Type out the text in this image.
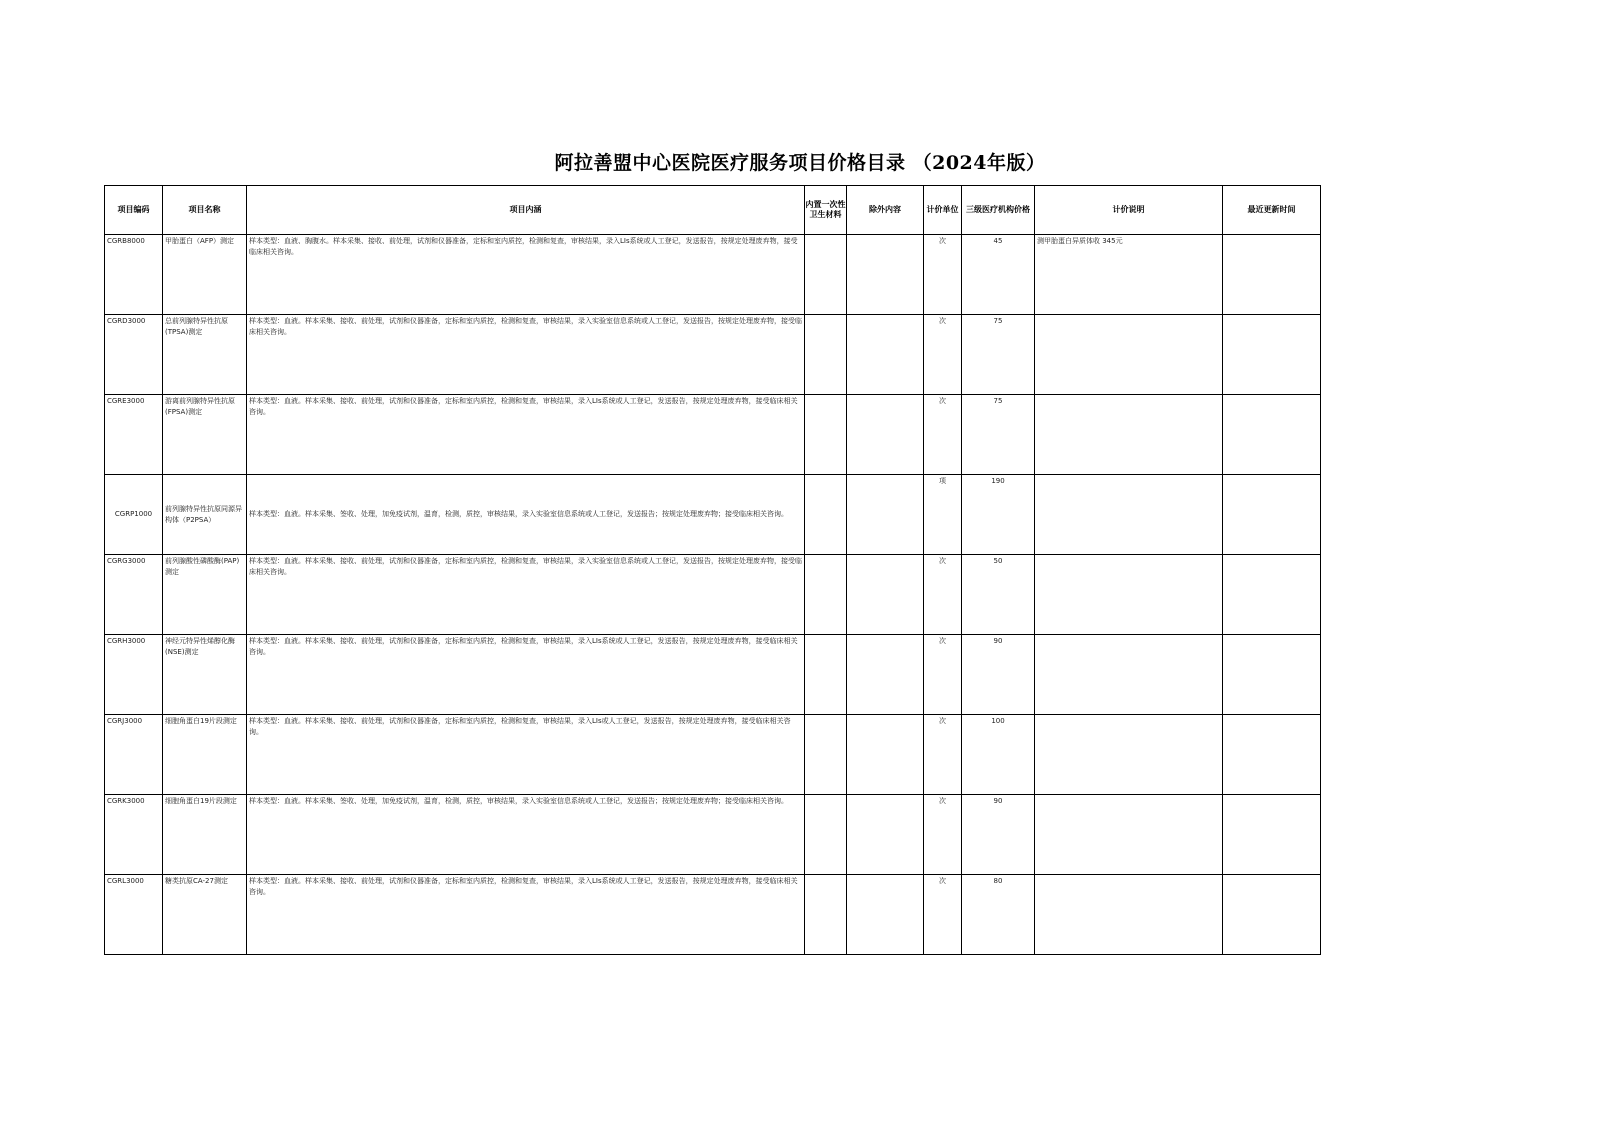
阿拉善盟中心医院医疗服务项目价格目录 （2024年版）
项目编码	项目名称	项目内涵	内置一次性卫生材料	除外内容	计价单位	三级医疗机构价格	计价说明	最近更新时间
CGRB8000	甲胎蛋白（AFP）测定	样本类型：血液、胸腹水。样本采集、接收、前处理，试剂和仪器准备，定标和室内质控，检测和复查，审核结果，录入LIs系统或人工登记，发送报告，按规定处理废弃物，接受临床相关咨询。			次	45	测甲胎蛋白异质体收 345元	
CGRD3000	总前列腺特异性抗原(TPSA)测定	样本类型：血液。样本采集、接收、前处理，试剂和仪器准备，定标和室内质控，检测和复查，审核结果，录入实验室信息系统或人工登记，发送报告，按规定处理废弃物，接受临床相关咨询。			次	75		
CGRE3000	游离前列腺特异性抗原(FPSA)测定	样本类型：血液。样本采集、接收、前处理，试剂和仪器准备，定标和室内质控，检测和复查，审核结果，录入LIs系统或人工登记，发送报告，按规定处理废弃物，接受临床相关咨询。			次	75		
CGRP1000	前列腺特异性抗原同源异构体（P2PSA）	样本类型：血液。样本采集、签收、处理，加免疫试剂，温育，检测，质控，审核结果，录入实验室信息系统或人工登记，发送报告；按规定处理废弃物；接受临床相关咨询。			项	190		
CGRG3000	前列腺酸性磷酸酶(PAP)测定	样本类型：血液。样本采集、接收、前处理，试剂和仪器准备，定标和室内质控，检测和复查，审核结果，录入实验室信息系统或人工登记，发送报告，按规定处理废弃物，接受临床相关咨询。			次	50		
CGRH3000	神经元特异性烯醇化酶(NSE)测定	样本类型：血液。样本采集、接收、前处理，试剂和仪器准备，定标和室内质控，检测和复查，审核结果，录入LIs系统或人工登记，发送报告，按规定处理废弃物，接受临床相关咨询。			次	90		
CGRJ3000	细胞角蛋白19片段测定	样本类型：血液。样本采集、接收、前处理，试剂和仪器准备，定标和室内质控，检测和复查，审核结果，录入LIs或人工登记，发送报告，按规定处理废弃物，接受临床相关咨询。			次	100		
CGRK3000	细胞角蛋白19片段测定	样本类型：血液。样本采集、签收、处理，加免疫试剂，温育，检测，质控，审核结果，录入实验室信息系统或人工登记，发送报告；按规定处理废弃物；接受临床相关咨询。			次	90		
CGRL3000	糖类抗原CA-27测定	样本类型：血液。样本采集、接收、前处理，试剂和仪器准备，定标和室内质控，检测和复查，审核结果，录入LIs系统或人工登记，发送报告，按规定处理废弃物，接受临床相关咨询。			次	80		
